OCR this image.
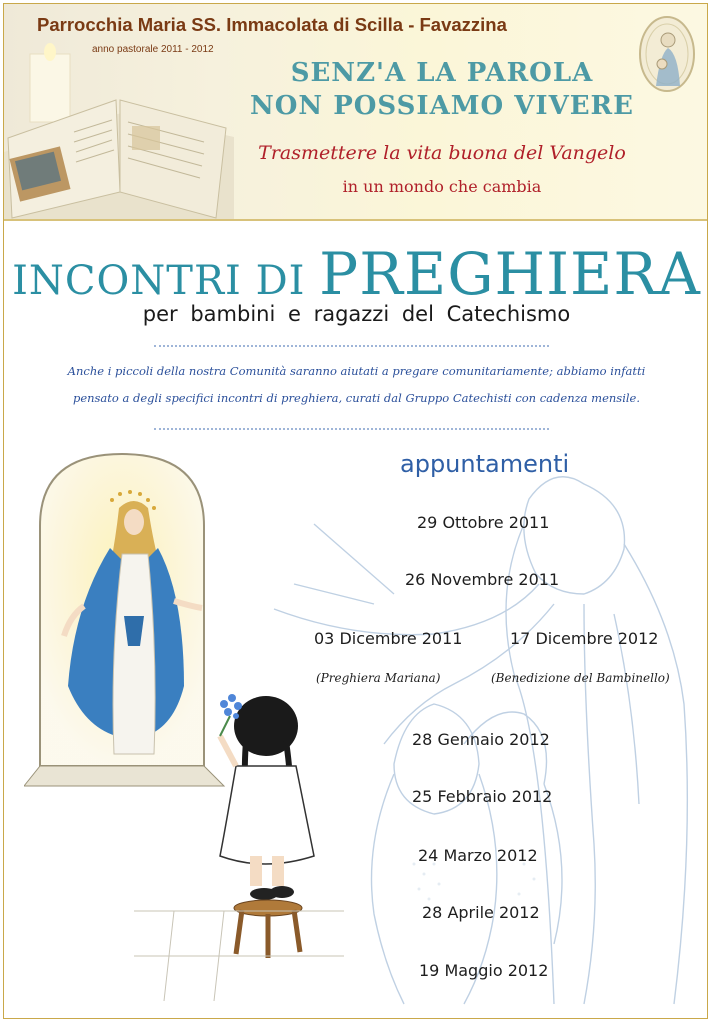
Parrocchia Maria SS. Immacolata di Scilla - Favazzina
anno pastorale 2011 - 2012
SENZ'A LA PAROLA
NON POSSIAMO VIVERE
Trasmettere la vita buona del Vangelo
in un mondo che cambia
INCONTRI DI PREGHIERA
per bambini e ragazzi del Catechismo
Anche i piccoli della nostra Comunità saranno aiutati a pregare comunitariamente; abbiamo infatti
pensato a degli specifici incontri di preghiera, curati dal Gruppo Catechisti con cadenza mensile.
appuntamenti
29 Ottobre 2011
26 Novembre 2011
03 Dicembre 2011
(Preghiera Mariana)
17 Dicembre 2012
(Benedizione del Bambinello)
28 Gennaio 2012
25 Febbraio 2012
24 Marzo 2012
28 Aprile 2012
19 Maggio 2012
